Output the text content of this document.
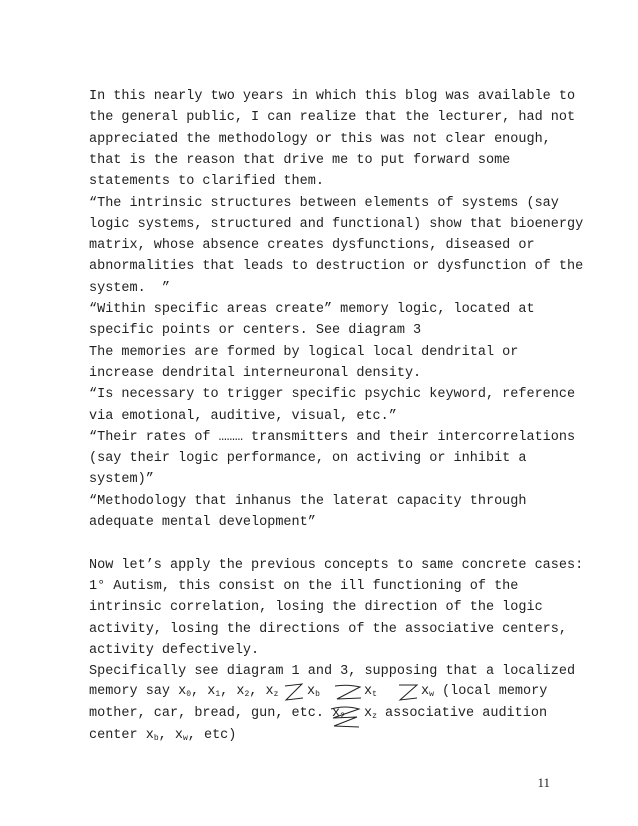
In this nearly two years in which this blog was available to
the general public, I can realize that the lecturer, had not
appreciated the methodology or this was not clear enough,
that is the reason that drive me to put forward some
statements to clarified them.
“The intrinsic structures between elements of systems (say
logic systems, structured and functional) show that bioenergy
matrix, whose absence creates dysfunctions, diseased or
abnormalities that leads to destruction or dysfunction of the
system.  ”
“Within specific areas create” memory logic, located at
specific points or centers. See diagram 3
The memories are formed by logical local dendrital or
increase dendrital interneuronal density.
“Is necessary to trigger specific psychic keyword, reference
via emotional, auditive, visual, etc.”
“Their rates of ……… transmitters and their intercorrelations
(say their logic performance, on activing or inhibit a
system)”
“Methodology that inhanus the laterat capacity through
adequate mental development”
Now let’s apply the previous concepts to same concrete cases:
1° Autism, this consist on the ill functioning of the
intrinsic correlation, losing the direction of the logic
activity, losing the directions of the associative centers,
activity defectively.
Specifically see diagram 1 and 3, supposing that a localized
memory say $x_0$, $x_1$, $x_2$, $x_z$ $x_b$	$x_t$	$x_w$ (local memory
mother, car, bread, gun, etc. $x_2$ $x_z$ associative audition
center $x_b$, $x_w$, etc)
11
